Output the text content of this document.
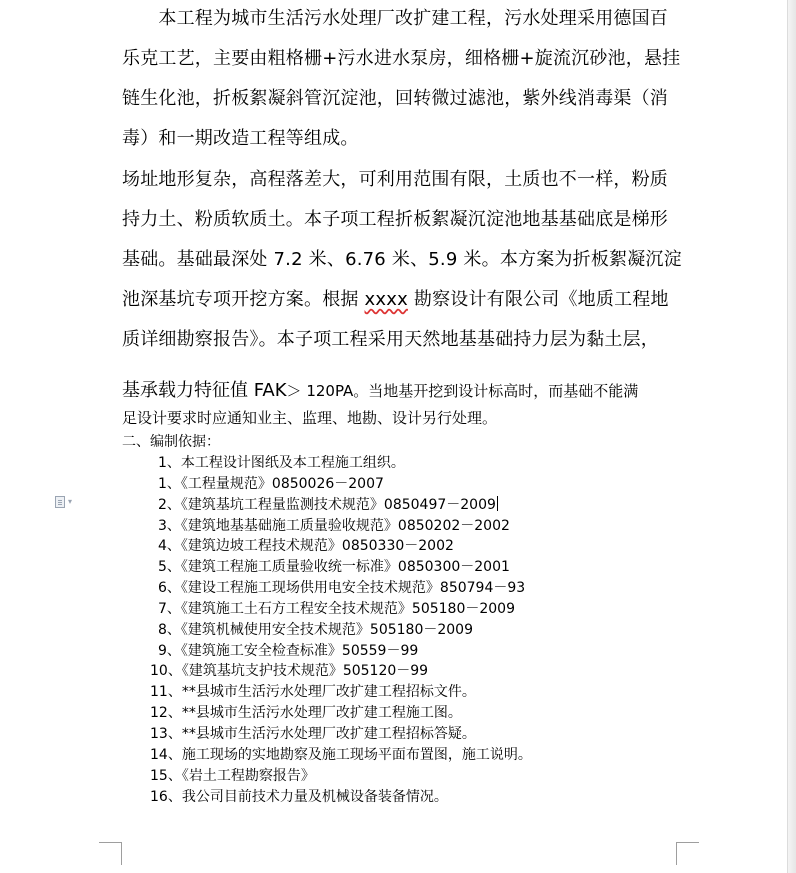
　　本工程为城市生活污水处理厂改扩建工程，污水处理采用德国百
乐克工艺，主要由粗格栅+污水进水泵房，细格栅+旋流沉砂池，悬挂
链生化池，折板絮凝斜管沉淀池，回转微过滤池，紫外线消毒渠（消
毒）和一期改造工程等组成。
场址地形复杂，高程落差大，可利用范围有限，土质也不一样，粉质
持力土、粉质软质土。本子项工程折板絮凝沉淀池地基基础底是梯形
基础。基础最深处 7.2 米、6.76 米、5.9 米。本方案为折板絮凝沉淀
池深基坑专项开挖方案。根据 xxxx 勘察设计有限公司《地质工程地
质详细勘察报告》。本子项工程采用天然地基基础持力层为黏土层，
基承载力特征值 FAK＞ 120PA。当地基开挖到设计标高时，而基础不能满
足设计要求时应通知业主、监理、地勘、设计另行处理。
二、编制依据：
1、本工程设计图纸及本工程施工组织。
1、《工程量规范》0850026－2007
2、《建筑基坑工程量监测技术规范》0850497－2009
3、《建筑地基基础施工质量验收规范》0850202－2002
4、《建筑边坡工程技术规范》0850330－2002
5、《建筑工程施工质量验收统一标准》0850300－2001
6、《建设工程施工现场供用电安全技术规范》850794－93
7、《建筑施工土石方工程安全技术规范》505180－2009
8、《建筑机械使用安全技术规范》505180－2009
9、《建筑施工安全检查标准》50559－99
10、《建筑基坑支护技术规范》505120－99
11、**县城市生活污水处理厂改扩建工程招标文件。
12、**县城市生活污水处理厂改扩建工程施工图。
13、**县城市生活污水处理厂改扩建工程招标答疑。
14、施工现场的实地勘察及施工现场平面布置图，施工说明。
15、《岩土工程勘察报告》
16、我公司目前技术力量及机械设备装备情况。
▾
